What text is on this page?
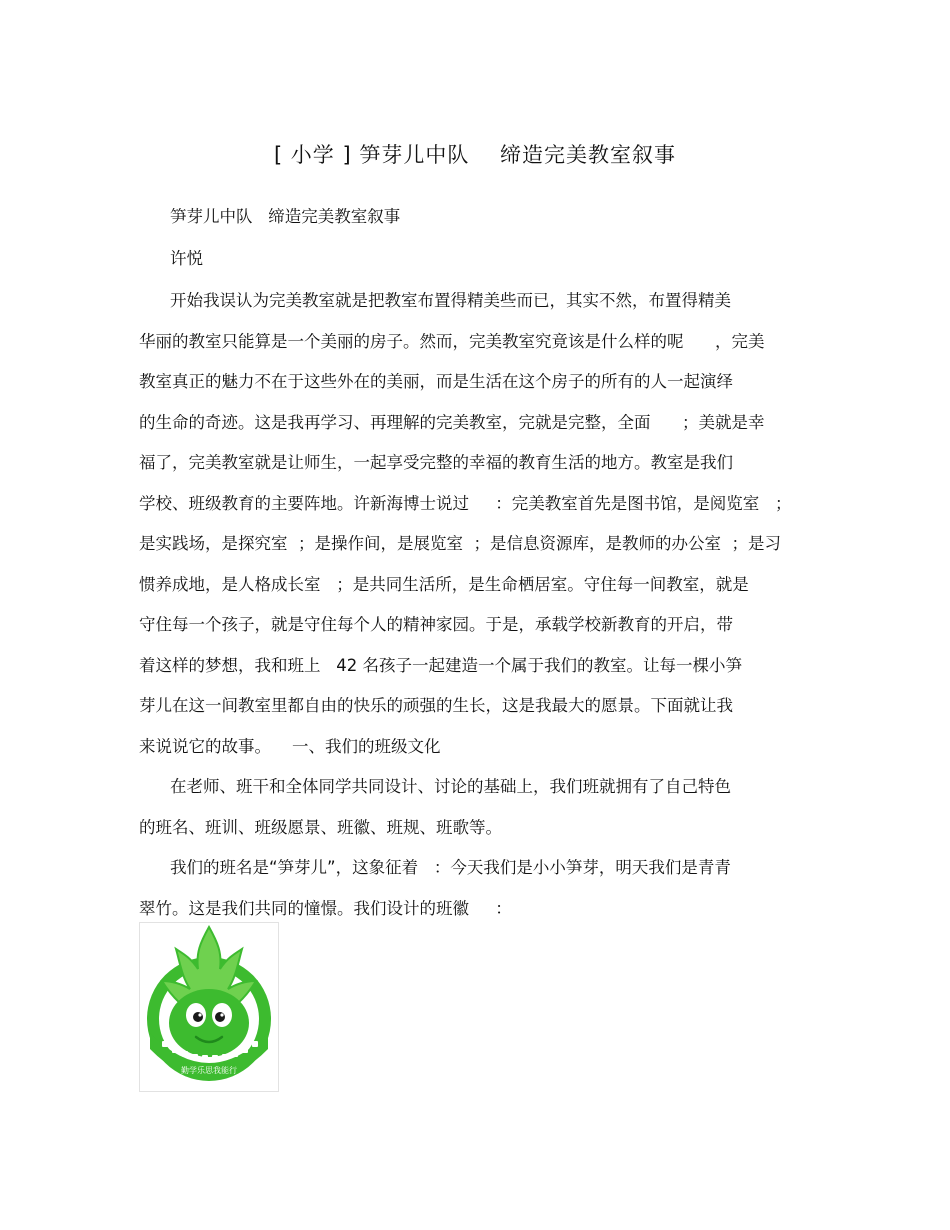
[ 小学 ] 笋芽儿中队    缔造完美教室叙事
笋芽儿中队   缔造完美教室叙事
许悦
开始我误认为完美教室就是把教室布置得精美些而已，其实不然，布置得精美
华丽的教室只能算是一个美丽的房子。然而，完美教室究竟该是什么样的呢      ，完美
教室真正的魅力不在于这些外在的美丽，而是生活在这个房子的所有的人一起演绎
的生命的奇迹。这是我再学习、再理解的完美教室，完就是完整，全面      ；美就是幸
福了，完美教室就是让师生，一起享受完整的幸福的教育生活的地方。教室是我们
学校、班级教育的主要阵地。许新海博士说过     ：完美教室首先是图书馆，是阅览室   ；
是实践场，是探究室  ；是操作间，是展览室  ；是信息资源库，是教师的办公室  ；是习
惯养成地，是人格成长室   ；是共同生活所，是生命栖居室。守住每一间教室，就是
守住每一个孩子，就是守住每个人的精神家园。于是，承载学校新教育的开启，带
着这样的梦想，我和班上   42 名孩子一起建造一个属于我们的教室。让每一棵小笋
芽儿在这一间教室里都自由的快乐的顽强的生长，这是我最大的愿景。下面就让我
来说说它的故事。    一、我们的班级文化
在老师、班干和全体同学共同设计、讨论的基础上，我们班就拥有了自己特色
的班名、班训、班级愿景、班徽、班规、班歌等。
我们的班名是“笋芽儿”，这象征着   ：今天我们是小小笋芽，明天我们是青青
翠竹。这是我们共同的憧憬。我们设计的班徽     ：
勤学乐思我能行
